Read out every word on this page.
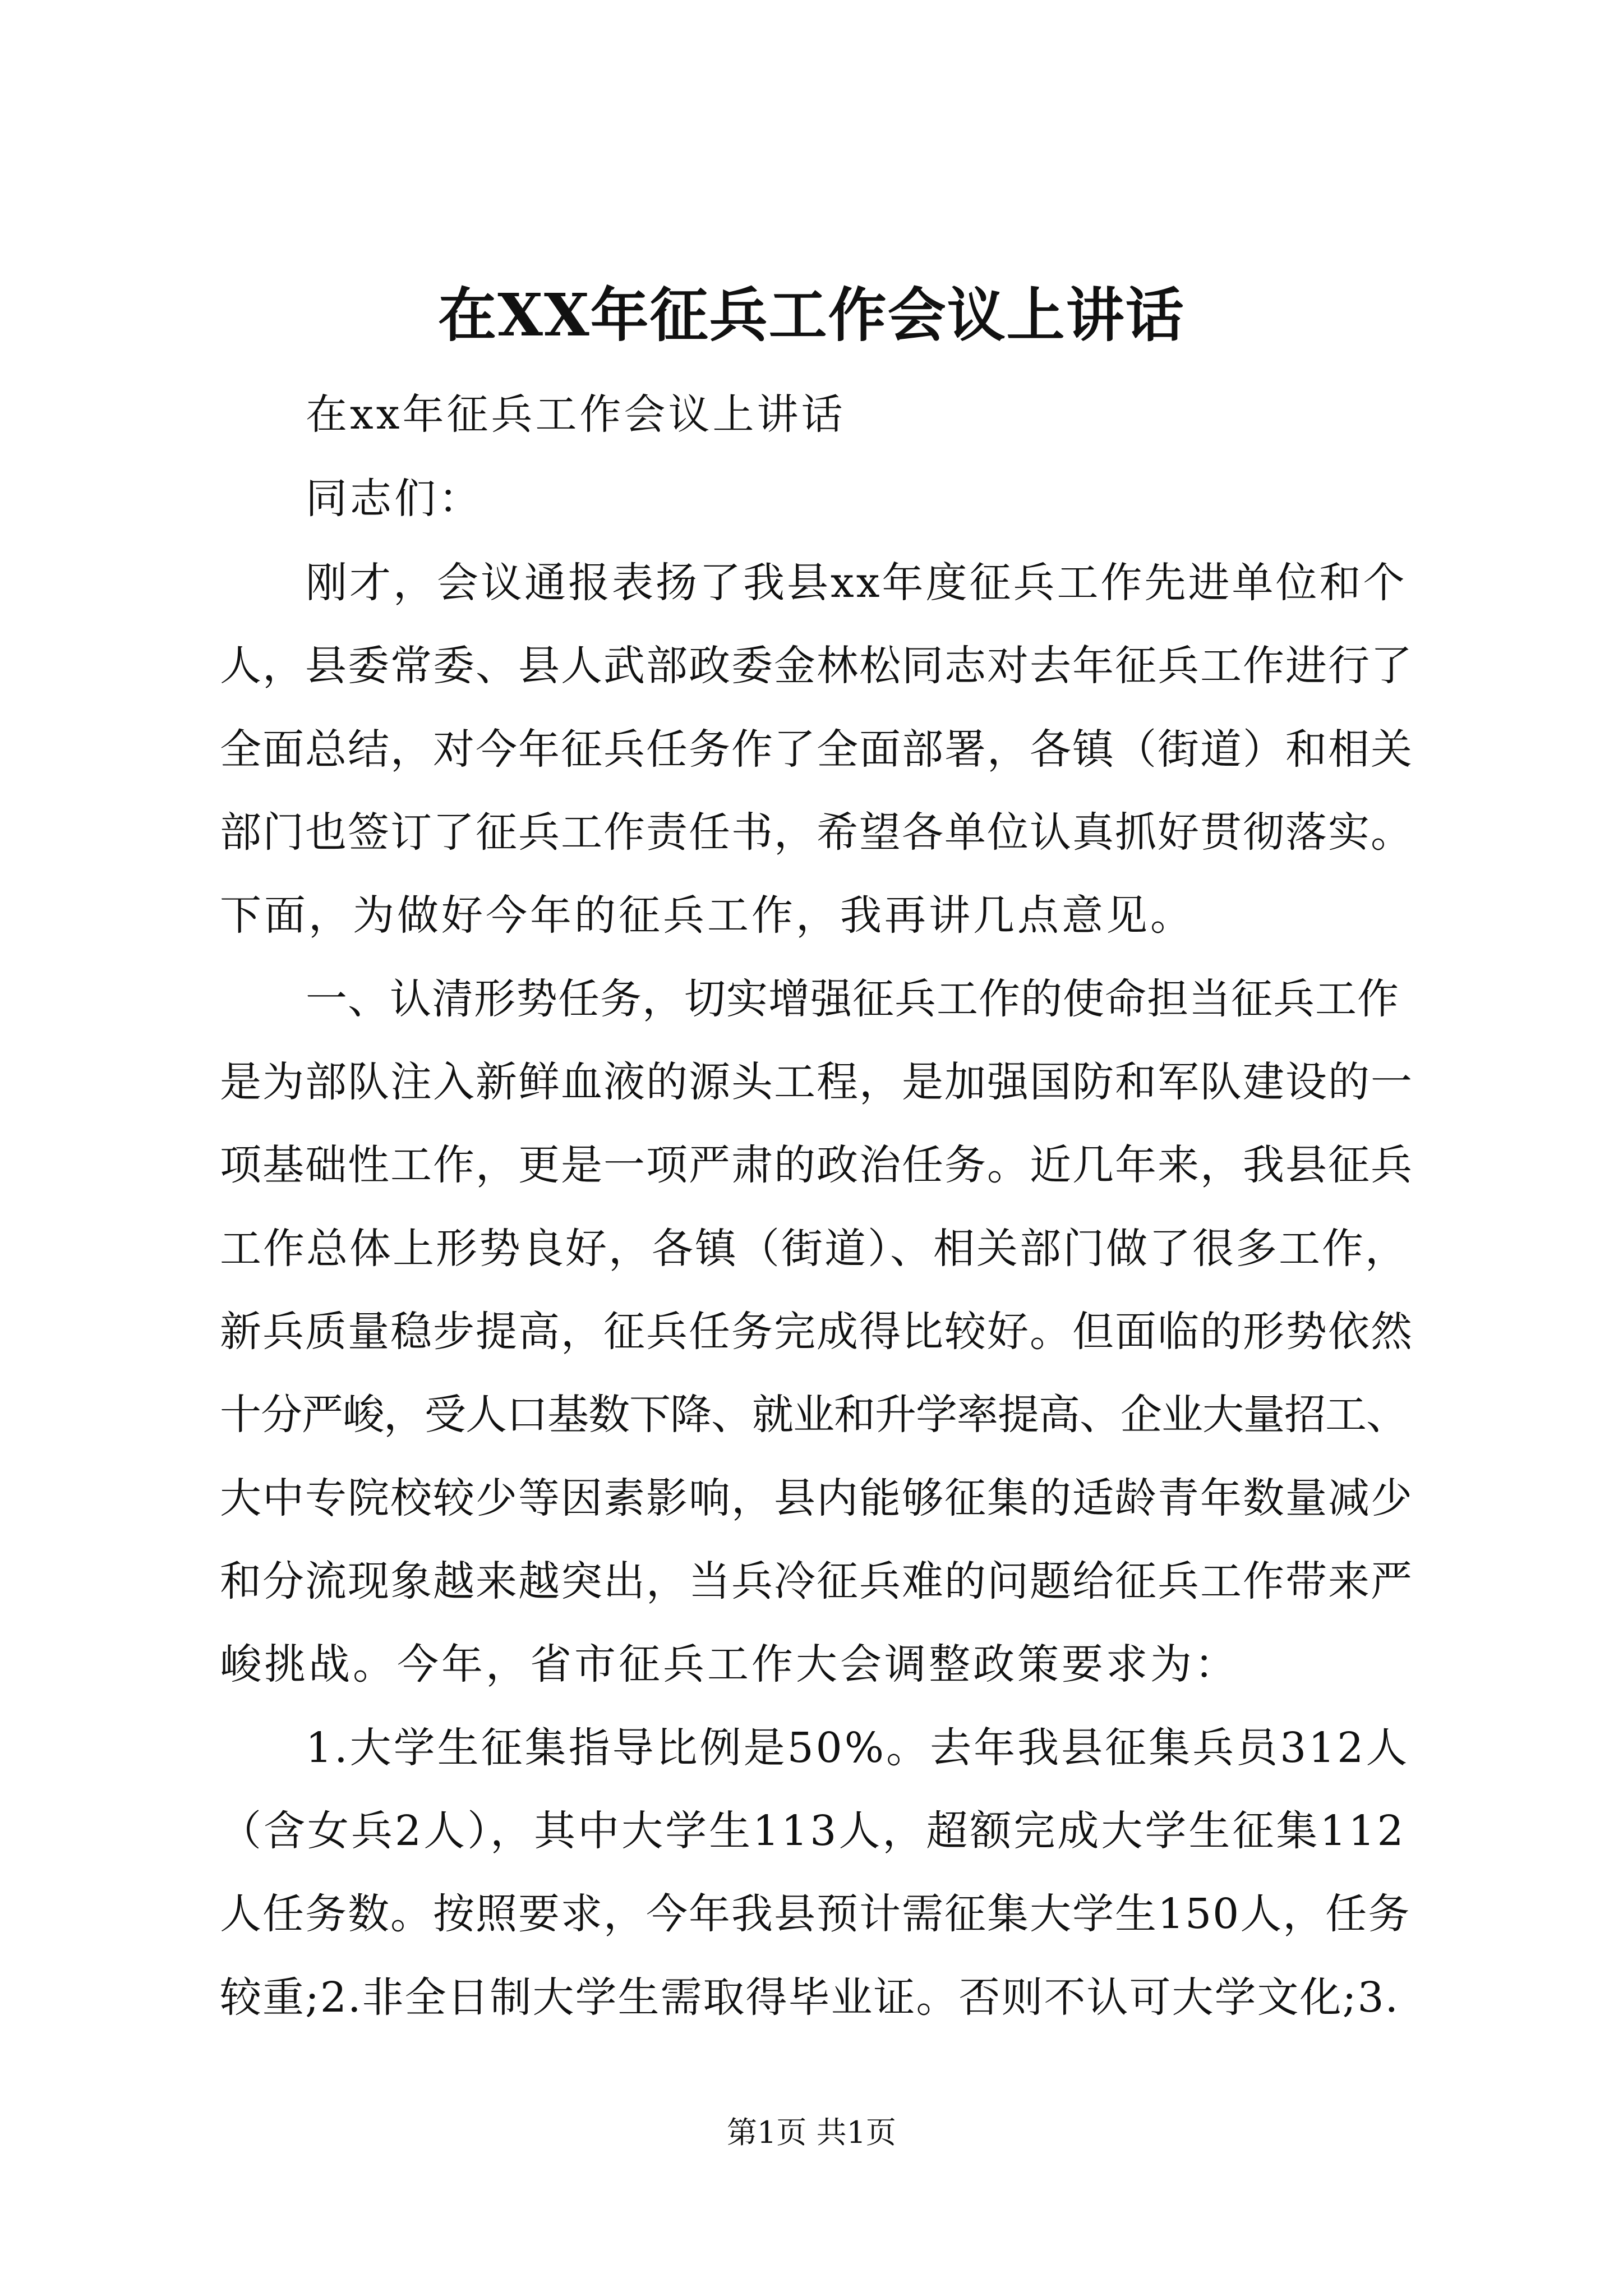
在XX年征兵工作会议上讲话
在xx年征兵工作会议上讲话
同志们：
刚才，会议通报表扬了我县xx年度征兵工作先进单位和个
人，县委常委、县人武部政委金林松同志对去年征兵工作进行了
全面总结，对今年征兵任务作了全面部署，各镇（街道）和相关
部门也签订了征兵工作责任书，希望各单位认真抓好贯彻落实。
下面，为做好今年的征兵工作，我再讲几点意见。
一、认清形势任务，切实增强征兵工作的使命担当征兵工作
是为部队注入新鲜血液的源头工程，是加强国防和军队建设的一
项基础性工作，更是一项严肃的政治任务。近几年来，我县征兵
工作总体上形势良好，各镇（街道）、相关部门做了很多工作，
新兵质量稳步提高，征兵任务完成得比较好。但面临的形势依然
十分严峻，受人口基数下降、就业和升学率提高、企业大量招工、
大中专院校较少等因素影响，县内能够征集的适龄青年数量减少
和分流现象越来越突出，当兵冷征兵难的问题给征兵工作带来严
峻挑战。今年，省市征兵工作大会调整政策要求为：
1.大学生征集指导比例是50%。去年我县征集兵员312人
（含女兵2人），其中大学生113人，超额完成大学生征集112
人任务数。按照要求，今年我县预计需征集大学生150人，任务
较重;2.非全日制大学生需取得毕业证。否则不认可大学文化;3.
第1页 共1页
